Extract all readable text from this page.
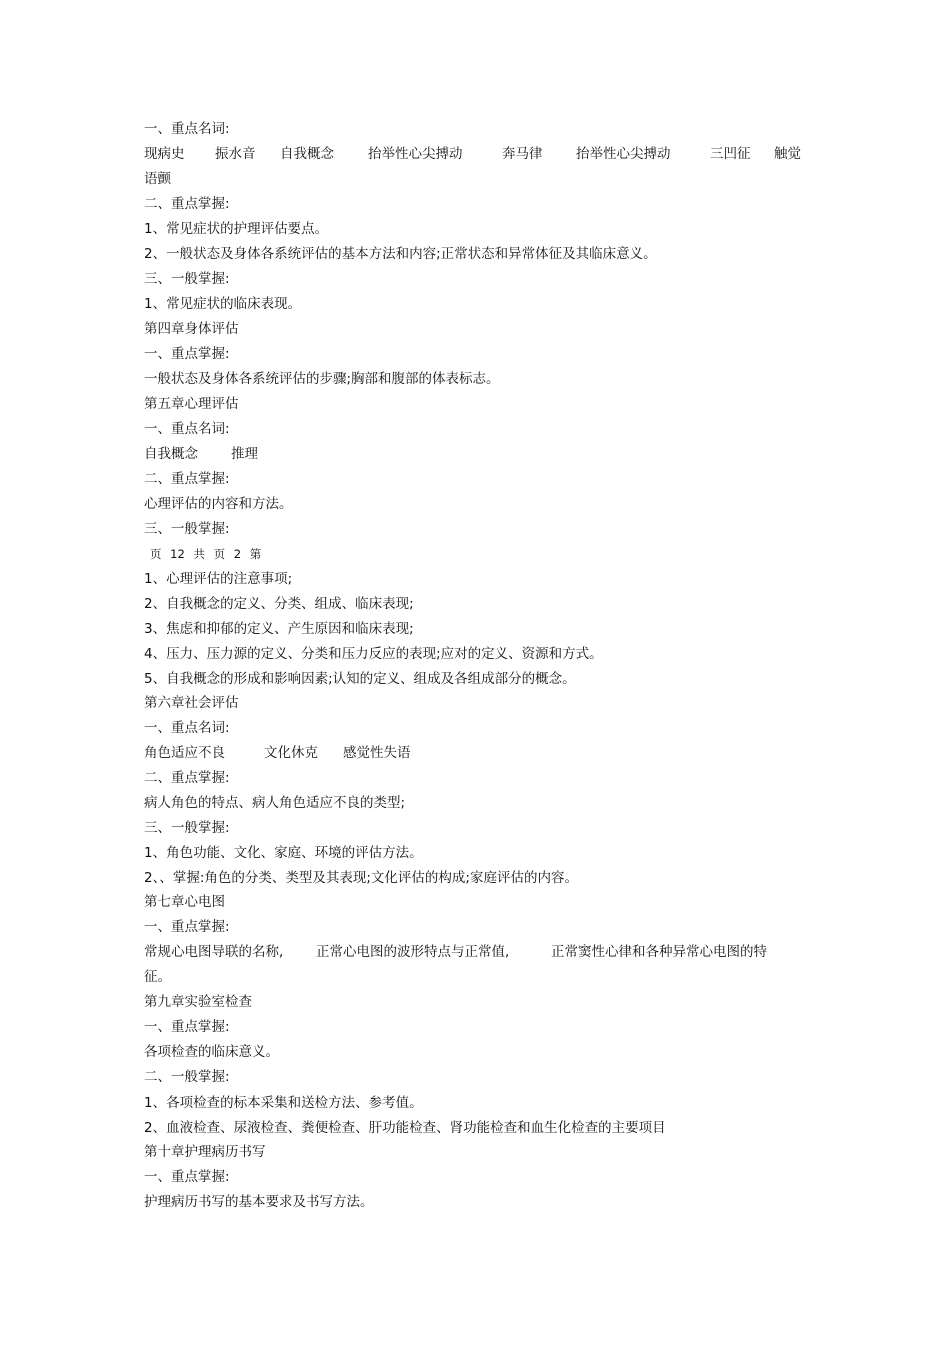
一、重点名词:
现病史 振水音 自我概念	抬举性心尖搏动	奔马律 抬举性心尖搏动	三凹征 触觉
语颤
二、重点掌握:
1、常见症状的护理评估要点。
2、一般状态及身体各系统评估的基本方法和内容;正常状态和异常体征及其临床意义。
三、一般掌握:
1、常见症状的临床表现。
第四章身体评估
一、重点掌握:
一般状态及身体各系统评估的步骤;胸部和腹部的体表标志。
第五章心理评估
一、重点名词:
自我概念 推理
二、重点掌握:
心理评估的内容和方法。
三、一般掌握:
页 12 共 页 2 第
1、心理评估的注意事项;
2、自我概念的定义、分类、组成、临床表现;
3、焦虑和抑郁的定义、产生原因和临床表现;
4、压力、压力源的定义、分类和压力反应的表现;应对的定义、资源和方式。
5、自我概念的形成和影响因素;认知的定义、组成及各组成部分的概念。
第六章社会评估
一、重点名词:
角色适应不良	文化休克 感觉性失语
二、重点掌握:
病人角色的特点、病人角色适应不良的类型;
三、一般掌握:
1、角色功能、文化、家庭、环境的评估方法。
2、、掌握:角色的分类、类型及其表现;文化评估的构成;家庭评估的内容。
第七章心电图
一、重点掌握:
常规心电图导联的名称, 正常心电图的波形特点与正常值,	正常窦性心律和各种异常心电图的特
征。
第九章实验室检查
一、重点掌握:
各项检查的临床意义。
二、一般掌握:
1、各项检查的标本采集和送检方法、参考值。
2、血液检查、尿液检查、粪便检查、肝功能检查、肾功能检查和血生化检查的主要项目
第十章护理病历书写
一、重点掌握:
护理病历书写的基本要求及书写方法。
